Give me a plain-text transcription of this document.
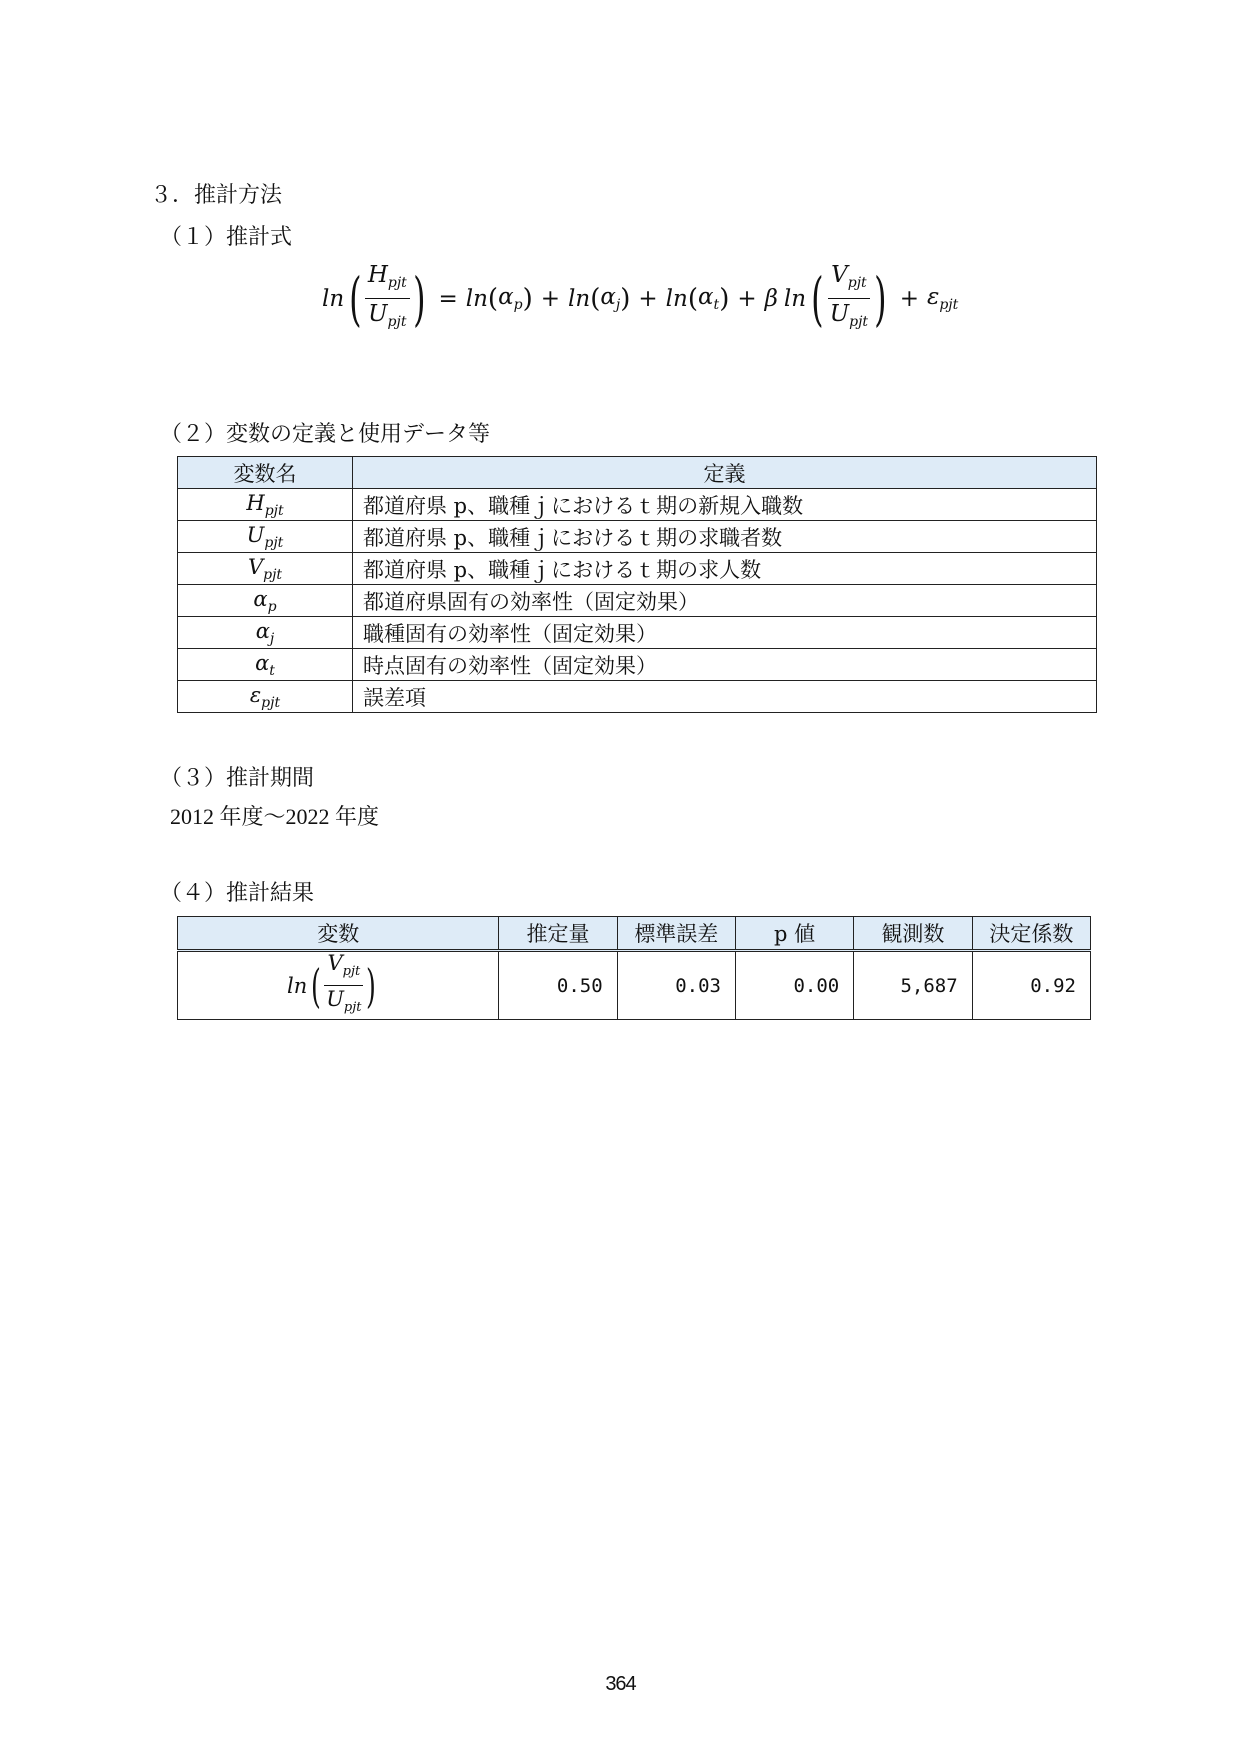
３．推計方法
（１）推計式
ln ( $\frac{H_{pjt}}{U_{pjt}}$ ) = ln ( $\alpha_p$ ) + ln ( $\alpha_j$ ) + ln ( $\alpha_t$ ) + β ln ( $\frac{V_{pjt}}{U_{pjt}}$ ) + $\varepsilon_{pjt}$
（２）変数の定義と使用データ等
変数名	定義
$H_{pjt}$	都道府県 p、職種ｊにおけるｔ期の新規入職数
$U_{pjt}$	都道府県 p、職種ｊにおけるｔ期の求職者数
$V_{pjt}$	都道府県 p、職種ｊにおけるｔ期の求人数
$\alpha_p$	都道府県固有の効率性（固定効果）
$\alpha_j$	職種固有の効率性（固定効果）
$\alpha_t$	時点固有の効率性（固定効果）
$\varepsilon_{pjt}$	誤差項
（３）推計期間
2012 年度～2022 年度
（４）推計結果
変数	推定量	標準誤差	p 値	観測数	決定係数
ln ( $\frac{V_{pjt}}{U_{pjt}}$ )	0.50	0.03	0.00	5,687	0.92
364
